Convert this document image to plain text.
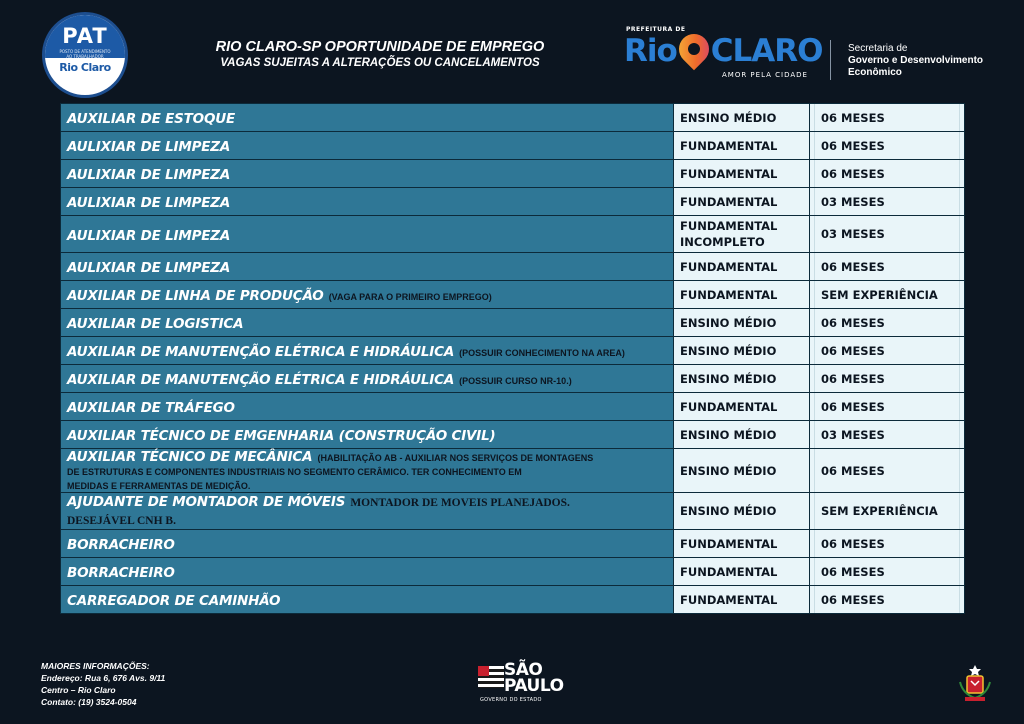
PAT
POSTO DE ATENDIMENTO AO TRABALHADOR
Rio Claro
RIO CLARO-SP OPORTUNIDADE DE EMPREGO
VAGAS SUJEITAS A ALTERAÇÕES OU CANCELAMENTOS
PREFEITURA DE
Rio CLARO
AMOR PELA CIDADE
Secretaria de
Governo e Desenvolvimento
Econômico
AUXILIAR DE ESTOQUE	ENSINO MÉDIO	06 MESES

AULIXIAR DE LIMPEZA	FUNDAMENTAL	06 MESES

AULIXIAR DE LIMPEZA	FUNDAMENTAL	06 MESES

AULIXIAR DE LIMPEZA	FUNDAMENTAL	03 MESES

AULIXIAR DE LIMPEZA	FUNDAMENTAL INCOMPLETO	03 MESES

AULIXIAR DE LIMPEZA	FUNDAMENTAL	06 MESES

AUXILIAR DE LINHA DE PRODUÇÃO (VAGA PARA O PRIMEIRO EMPREGO)	FUNDAMENTAL	SEM EXPERIÊNCIA

AUXILIAR DE LOGISTICA	ENSINO MÉDIO	06 MESES

AUXILIAR DE MANUTENÇÃO ELÉTRICA E HIDRÁULICA (POSSUIR CONHECIMENTO NA AREA)	ENSINO MÉDIO	06 MESES

AUXILIAR DE MANUTENÇÃO ELÉTRICA E HIDRÁULICA (POSSUIR CURSO NR-10.)	ENSINO MÉDIO	06 MESES

AUXILIAR DE TRÁFEGO	FUNDAMENTAL	06 MESES

AUXILIAR TÉCNICO DE EMGENHARIA (CONSTRUÇÃO CIVIL)	ENSINO MÉDIO	03 MESES

AUXILIAR TÉCNICO DE MECÂNICA (HABILITAÇÃO AB - AUXILIAR NOS SERVIÇOS DE MONTAGENS
DE ESTRUTURAS E COMPONENTES INDUSTRIAIS NO SEGMENTO CERÂMICO. TER CONHECIMENTO EM
MEDIDAS E FERRAMENTAS DE MEDIÇÃO.	ENSINO MÉDIO	06 MESES

AJUDANTE DE MONTADOR DE MÓVEIS MONTADOR DE MOVEIS PLANEJADOS.
DESEJÁVEL CNH B.	ENSINO MÉDIO	SEM EXPERIÊNCIA

BORRACHEIRO	FUNDAMENTAL	06 MESES

BORRACHEIRO	FUNDAMENTAL	06 MESES

CARREGADOR DE CAMINHÃO	FUNDAMENTAL	06 MESES
MAIORES INFORMAÇÕES:
Endereço: Rua 6, 676 Avs. 9/11
Centro – Rio Claro
Contato: (19) 3524-0504
SÃO
PAULO
GOVERNO DO ESTADO
